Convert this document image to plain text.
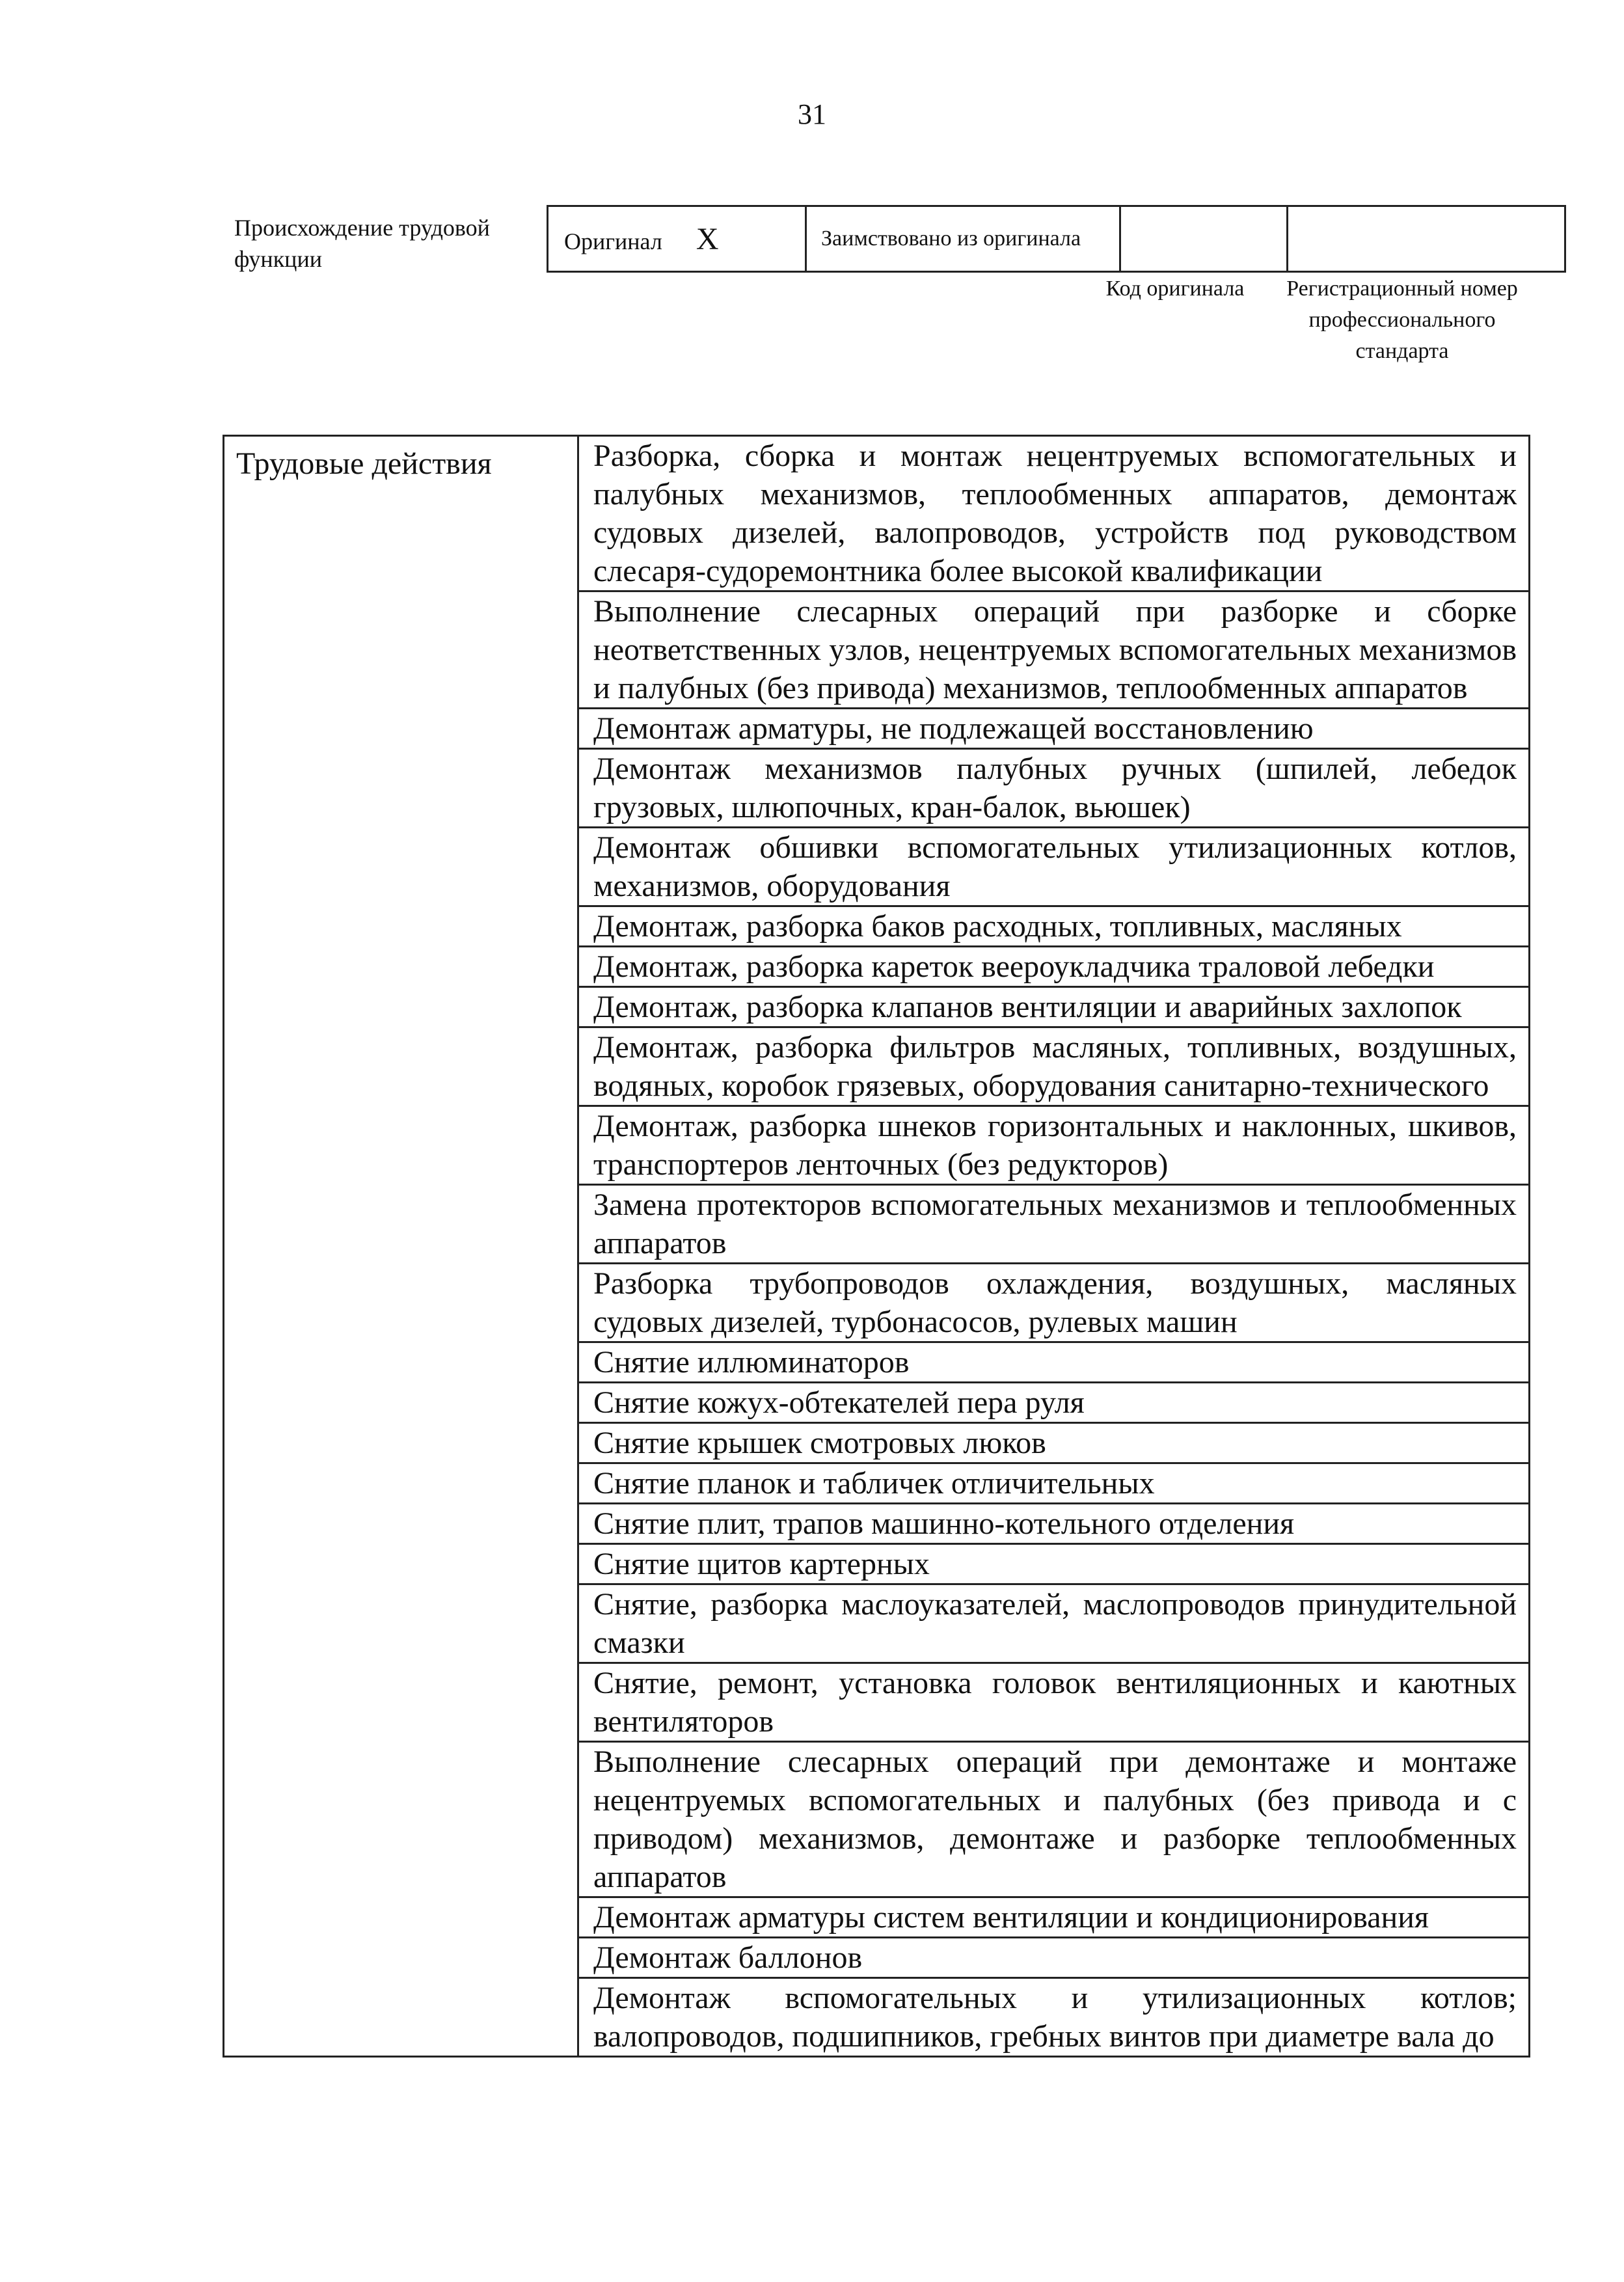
31
Происхождение трудовой функции
Оригинал X	Заимствовано из оригинала		
Код оригинала	Регистрационный номер профессионального стандарта
Трудовые действия	Разборка, сборка и монтаж нецентруемых вспомогательных и палубных механизмов, теплообменных аппаратов, демонтаж судовых дизелей, валопроводов, устройств под руководством слесаря-судоремонтника более высокой квалификации
Выполнение слесарных операций при разборке и сборке неответственных узлов, нецентруемых вспомогательных механизмов и палубных (без привода) механизмов, теплообменных аппаратов
Демонтаж арматуры, не подлежащей восстановлению
Демонтаж механизмов палубных ручных (шпилей, лебедок грузовых, шлюпочных, кран-балок, вьюшек)
Демонтаж обшивки вспомогательных утилизационных котлов, механизмов, оборудования
Демонтаж, разборка баков расходных, топливных, масляных
Демонтаж, разборка кареток веероукладчика траловой лебедки
Демонтаж, разборка клапанов вентиляции и аварийных захлопок
Демонтаж, разборка фильтров масляных, топливных, воздушных, водяных, коробок грязевых, оборудования санитарно-технического
Демонтаж, разборка шнеков горизонтальных и наклонных, шкивов, транспортеров ленточных (без редукторов)
Замена протекторов вспомогательных механизмов и теплообменных аппаратов
Разборка трубопроводов охлаждения, воздушных, масляных судовых дизелей, турбонасосов, рулевых машин
Снятие иллюминаторов
Снятие кожух-обтекателей пера руля
Снятие крышек смотровых люков
Снятие планок и табличек отличительных
Снятие плит, трапов машинно-котельного отделения
Снятие щитов картерных
Снятие, разборка маслоуказателей, маслопроводов принудительной смазки
Снятие, ремонт, установка головок вентиляционных и каютных вентиляторов
Выполнение слесарных операций при демонтаже и монтаже нецентруемых вспомогательных и палубных (без привода и с приводом) механизмов, демонтаже и разборке теплообменных аппаратов
Демонтаж арматуры систем вентиляции и кондиционирования
Демонтаж баллонов
Демонтаж вспомогательных и утилизационных котлов; валопроводов, подшипников, гребных винтов при диаметре вала до
